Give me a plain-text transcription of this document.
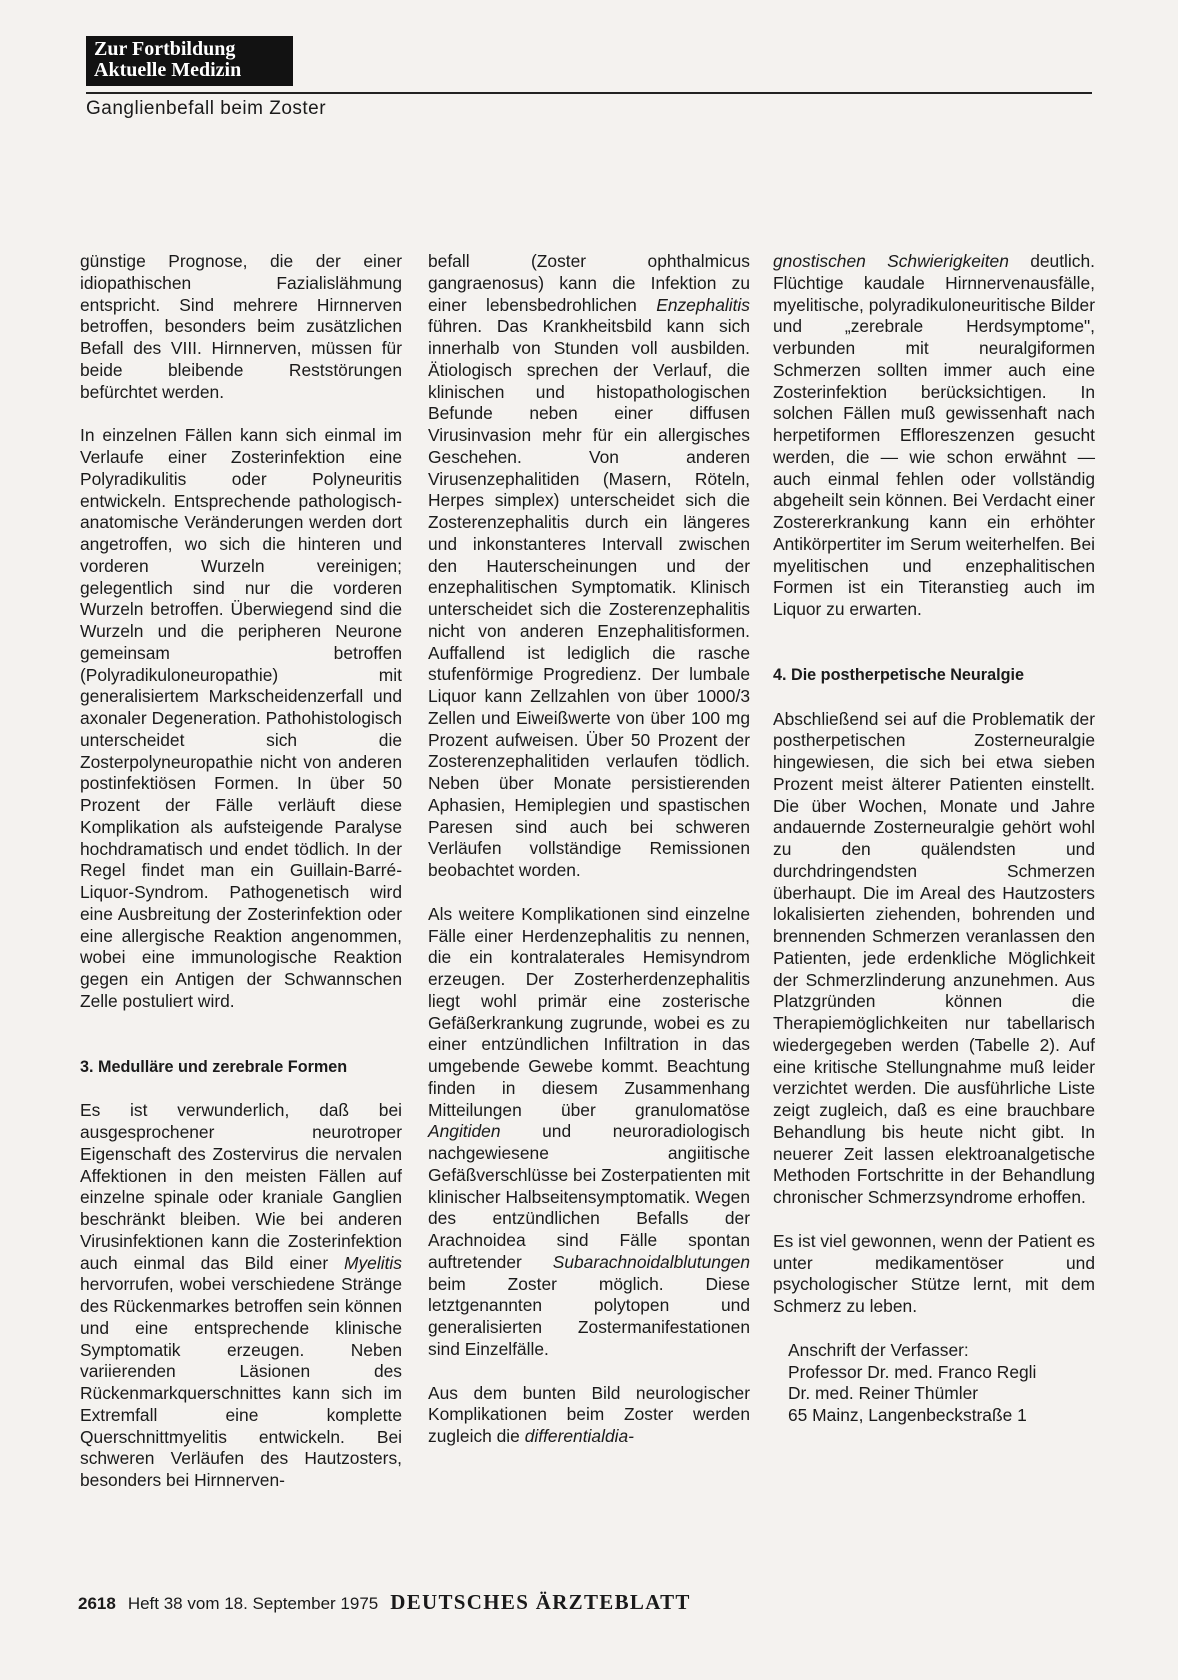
Zur Fortbildung
Aktuelle Medizin
Ganglienbefall beim Zoster

günstige Prognose, die der einer idiopathischen Fazialislähmung entspricht. Sind mehrere Hirnnerven betroffen, besonders beim zusätzlichen Befall des VIII. Hirnnerven, müssen für beide bleibende Reststörungen befürchtet werden.

In einzelnen Fällen kann sich einmal im Verlaufe einer Zosterinfektion eine Polyradikulitis oder Polyneuritis entwickeln. Entsprechende pathologisch-anatomische Veränderungen werden dort angetroffen, wo sich die hinteren und vorderen Wurzeln vereinigen; gelegentlich sind nur die vorderen Wurzeln betroffen. Überwiegend sind die Wurzeln und die peripheren Neurone gemeinsam betroffen (Polyradikuloneuropathie) mit generalisiertem Markscheidenzerfall und axonaler Degeneration. Pathohistologisch unterscheidet sich die Zosterpolyneuropathie nicht von anderen postinfektiösen Formen. In über 50 Prozent der Fälle verläuft diese Komplikation als aufsteigende Paralyse hochdramatisch und endet tödlich. In der Regel findet man ein Guillain-Barré-Liquor-Syndrom. Pathogenetisch wird eine Ausbreitung der Zosterinfektion oder eine allergische Reaktion angenommen, wobei eine immunologische Reaktion gegen ein Antigen der Schwannschen Zelle postuliert wird.

3. Medulläre und zerebrale Formen

Es ist verwunderlich, daß bei ausgesprochener neurotroper Eigenschaft des Zostervirus die nervalen Affektionen in den meisten Fällen auf einzelne spinale oder kraniale Ganglien beschränkt bleiben. Wie bei anderen Virusinfektionen kann die Zosterinfektion auch einmal das Bild einer Myelitis hervorrufen, wobei verschiedene Stränge des Rückenmarkes betroffen sein können und eine entsprechende klinische Symptomatik erzeugen. Neben variierenden Läsionen des Rückenmarkquerschnittes kann sich im Extremfall eine komplette Querschnittmyelitis entwickeln. Bei schweren Verläufen des Hautzosters, besonders bei Hirnnerven-

befall (Zoster ophthalmicus gangraenosus) kann die Infektion zu einer lebensbedrohlichen Enzephalitis führen. Das Krankheitsbild kann sich innerhalb von Stunden voll ausbilden. Ätiologisch sprechen der Verlauf, die klinischen und histopathologischen Befunde neben einer diffusen Virusinvasion mehr für ein allergisches Geschehen. Von anderen Virusenzephalitiden (Masern, Röteln, Herpes simplex) unterscheidet sich die Zosterenzephalitis durch ein längeres und inkonstanteres Intervall zwischen den Hauterscheinungen und der enzephalitischen Symptomatik. Klinisch unterscheidet sich die Zosterenzephalitis nicht von anderen Enzephalitisformen. Auffallend ist lediglich die rasche stufenförmige Progredienz. Der lumbale Liquor kann Zellzahlen von über 1000/3 Zellen und Eiweißwerte von über 100 mg Prozent aufweisen. Über 50 Prozent der Zosterenzephalitiden verlaufen tödlich. Neben über Monate persistierenden Aphasien, Hemiplegien und spastischen Paresen sind auch bei schweren Verläufen vollständige Remissionen beobachtet worden.

Als weitere Komplikationen sind einzelne Fälle einer Herdenzephalitis zu nennen, die ein kontralaterales Hemisyndrom erzeugen. Der Zosterherdenzephalitis liegt wohl primär eine zosterische Gefäßerkrankung zugrunde, wobei es zu einer entzündlichen Infiltration in das umgebende Gewebe kommt. Beachtung finden in diesem Zusammenhang Mitteilungen über granulomatöse Angitiden und neuroradiologisch nachgewiesene angiitische Gefäßverschlüsse bei Zosterpatienten mit klinischer Halbseitensymptomatik. Wegen des entzündlichen Befalls der Arachnoidea sind Fälle spontan auftretender Subarachnoidalblutungen beim Zoster möglich. Diese letztgenannten polytopen und generalisierten Zostermanifestationen sind Einzelfälle.

Aus dem bunten Bild neurologischer Komplikationen beim Zoster werden zugleich die differentialdia-

gnostischen Schwierigkeiten deutlich. Flüchtige kaudale Hirnnervenausfälle, myelitische, polyradikuloneuritische Bilder und „zerebrale Herdsymptome", verbunden mit neuralgiformen Schmerzen sollten immer auch eine Zosterinfektion berücksichtigen. In solchen Fällen muß gewissenhaft nach herpetiformen Effloreszenzen gesucht werden, die — wie schon erwähnt — auch einmal fehlen oder vollständig abgeheilt sein können. Bei Verdacht einer Zostererkrankung kann ein erhöhter Antikörpertiter im Serum weiterhelfen. Bei myelitischen und enzephalitischen Formen ist ein Titeranstieg auch im Liquor zu erwarten.

4. Die postherpetische Neuralgie

Abschließend sei auf die Problematik der postherpetischen Zosterneuralgie hingewiesen, die sich bei etwa sieben Prozent meist älterer Patienten einstellt. Die über Wochen, Monate und Jahre andauernde Zosterneuralgie gehört wohl zu den quälendsten und durchdringendsten Schmerzen überhaupt. Die im Areal des Hautzosters lokalisierten ziehenden, bohrenden und brennenden Schmerzen veranlassen den Patienten, jede erdenkliche Möglichkeit der Schmerzlinderung anzunehmen. Aus Platzgründen können die Therapiemöglichkeiten nur tabellarisch wiedergegeben werden (Tabelle 2). Auf eine kritische Stellungnahme muß leider verzichtet werden. Die ausführliche Liste zeigt zugleich, daß es eine brauchbare Behandlung bis heute nicht gibt. In neuerer Zeit lassen elektroanalgetische Methoden Fortschritte in der Behandlung chronischer Schmerzsyndrome erhoffen.

Es ist viel gewonnen, wenn der Patient es unter medikamentöser und psychologischer Stütze lernt, mit dem Schmerz zu leben.

Anschrift der Verfasser:
Professor Dr. med. Franco Regli
Dr. med. Reiner Thümler
65 Mainz, Langenbeckstraße 1
2618 Heft 38 vom 18. September 1975 DEUTSCHES ÄRZTEBLATT
